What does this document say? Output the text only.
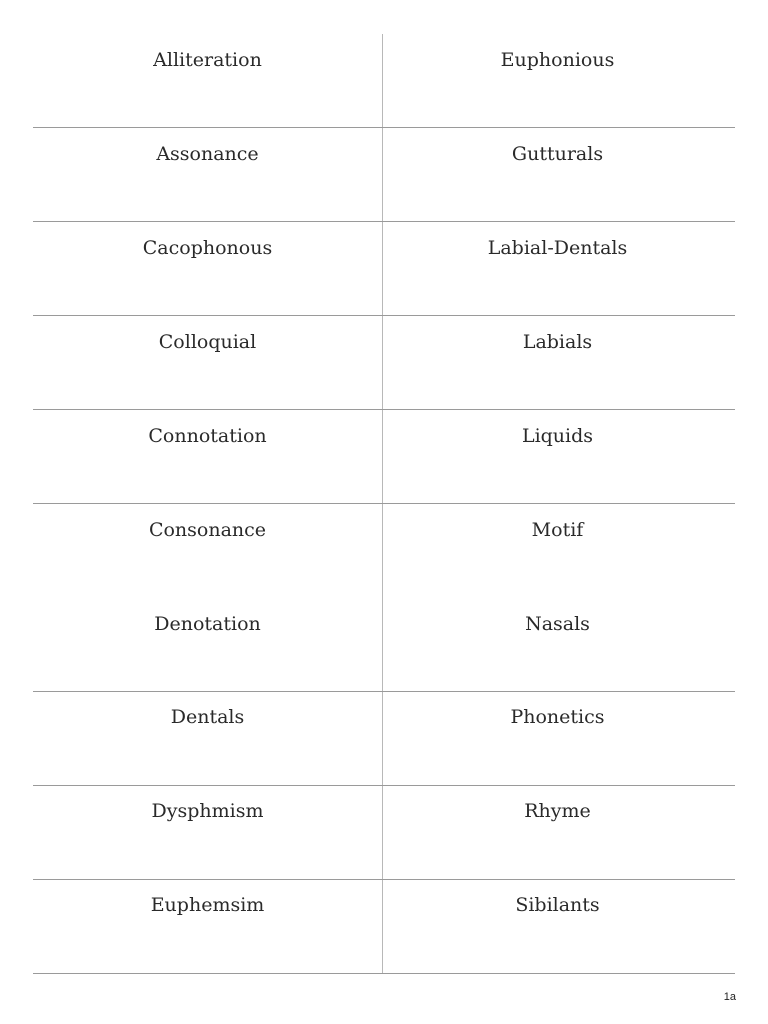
Alliteration	Euphonious
Assonance	Gutturals
Cacophonous	Labial-Dentals
Colloquial	Labials
Connotation	Liquids
Consonance	Motif
Denotation	Nasals
Dentals	Phonetics
Dysphmism	Rhyme
Euphemsim	Sibilants
1a
